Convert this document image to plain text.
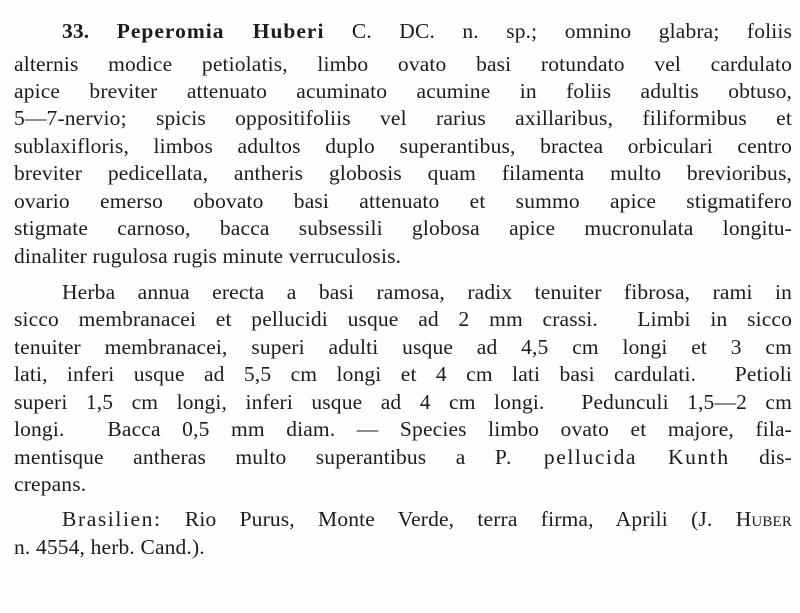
33. Peperomia Huberi C. DC. n. sp.; omnino glabra; foliis
alternis modice petiolatis, limbo ovato basi rotundato vel cardulato
apice breviter attenuato acuminato acumine in foliis adultis obtuso,
5—7-nervio; spicis oppositifoliis vel rarius axillaribus, filiformibus et
sublaxifloris, limbos adultos duplo superantibus, bractea orbiculari centro
breviter pedicellata, antheris globosis quam filamenta multo brevioribus,
ovario emerso obovato basi attenuato et summo apice stigmatifero
stigmate carnoso, bacca subsessili globosa apice mucronulata longitu-
dinaliter rugulosa rugis minute verruculosis.
Herba annua erecta a basi ramosa, radix tenuiter fibrosa, rami in
sicco membranacei et pellucidi usque ad 2 mm crassi.  Limbi in sicco
tenuiter membranacei, superi adulti usque ad 4,5 cm longi et 3 cm
lati, inferi usque ad 5,5 cm longi et 4 cm lati basi cardulati.  Petioli
superi 1,5 cm longi, inferi usque ad 4 cm longi.  Pedunculi 1,5—2 cm
longi.  Bacca 0,5 mm diam. — Species limbo ovato et majore, fila-
mentisque antheras multo superantibus a P. pellucida Kunth dis-
crepans.
Brasilien: Rio Purus, Monte Verde, terra firma, Aprili (J. Huber
n. 4554, herb. Cand.).
